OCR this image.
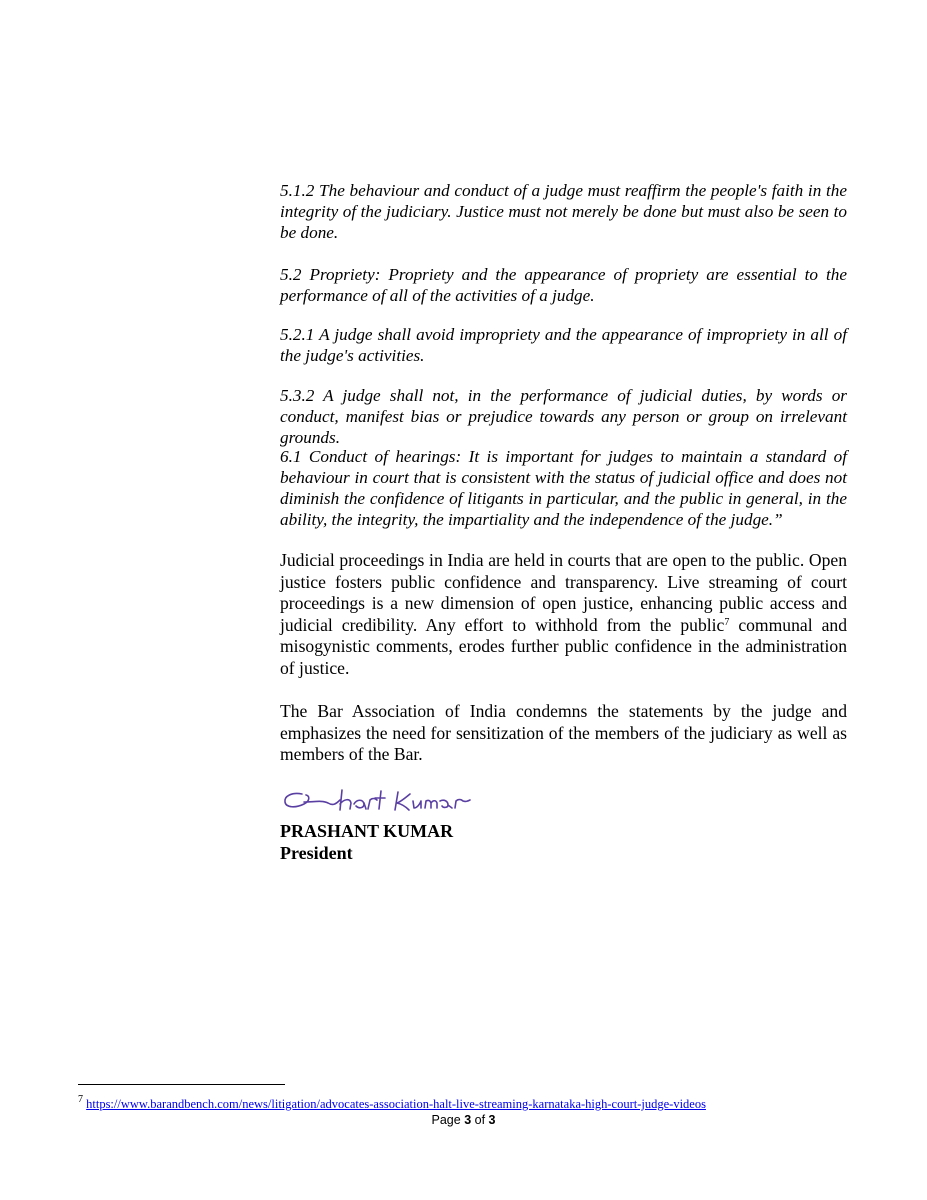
5.1.2 The behaviour and conduct of a judge must reaffirm the people's faith in the integrity of the judiciary. Justice must not merely be done but must also be seen to be done.

5.2 Propriety: Propriety and the appearance of propriety are essential to the performance of all of the activities of a judge.

5.2.1 A judge shall avoid impropriety and the appearance of impropriety in all of the judge's activities.

5.3.2 A judge shall not, in the performance of judicial duties, by words or conduct, manifest bias or prejudice towards any person or group on irrelevant grounds.

6.1 Conduct of hearings: It is important for judges to maintain a standard of behaviour in court that is consistent with the status of judicial office and does not diminish the confidence of litigants in particular, and the public in general, in the ability, the integrity, the impartiality and the independence of the judge.”

Judicial proceedings in India are held in courts that are open to the public. Open justice fosters public confidence and transparency. Live streaming of court proceedings is a new dimension of open justice, enhancing public access and judicial credibility. Any effort to withhold from the public$^7$ communal and misogynistic comments, erodes further public confidence in the administration of justice.

The Bar Association of India condemns the statements by the judge and emphasizes the need for sensitization of the members of the judiciary as well as members of the Bar.

PRASHANT KUMAR

President

$^7$ https://www.barandbench.com/news/litigation/advocates-association-halt-live-streaming-karnataka-high-court-judge-videos
Page 3 of 3
